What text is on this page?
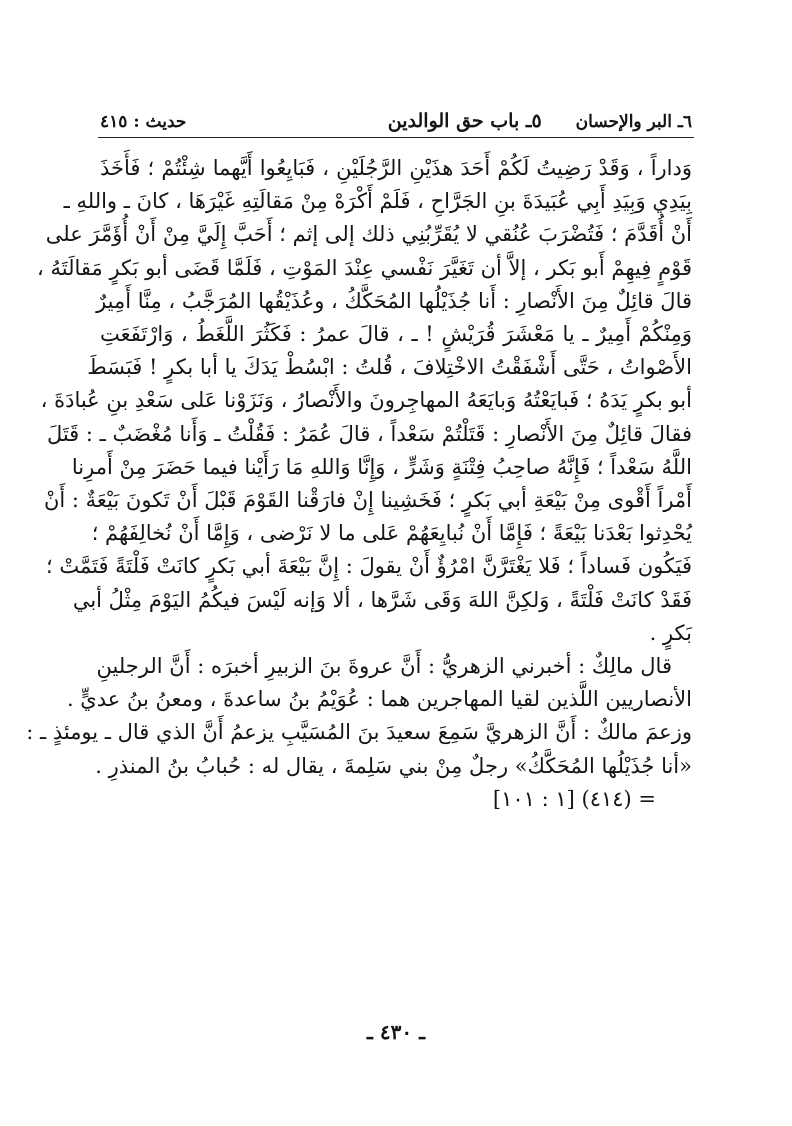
٦ـ البر والإحسان
٥ـ باب حق الوالدين
حديث : ٤١٥
وَداراً ، وَقَدْ رَضِيتُ لَكُمْ أَحَدَ هذَيْنِ الرَّجُلَيْنِ ، فَبَايِعُوا أَيَّهما شِئْتُمْ ؛ فَأَخَذَ
بِيَدِي وَبِيَدِ أَبِي عُبَيدَةَ بنِ الجَرَّاحِ ، فَلَمْ أَكْرَهْ مِنْ مَقالَتِهِ غَيْرَهَا ، كانَ ـ واللهِ ـ
أَنْ أُقَدَّمَ ؛ فَتُضْرَبَ عُنُقي لا يُقَرِّبُنِي ذلك إلى إثم ؛ أَحَبَّ إِلَيَّ مِنْ أَنْ أُؤَمَّرَ على
قَوْمٍ فِيهِمْ أَبو بَكر ، إلاَّ أن تَغَيَّرَ نَفْسي عِنْدَ المَوْتِ ، فَلَمَّا قَضَى أبو بَكرٍ مَقالَتَهُ ،
قالَ قائِلٌ مِنَ الأَنْصارِ : أَنا جُذَيْلُها المُحَكَّكُ ، وعُذَيْقُها المُرَجَّبُ ، مِنَّا أَمِيرٌ
وَمِنْكُمْ أَمِيرٌ ـ يا مَعْشَرَ قُرَيْشٍ ! ـ ، قالَ عمرُ : فَكَثُرَ اللَّغَطُ ، وَارْتَفَعَتِ
الأَصْواتُ ، حَتَّى أَشْفَقْتُ الاخْتِلافَ ، قُلتُ : ابْسُطْ يَدَكَ يا أبا بكرٍ ! فَبَسَطَ
أبو بكرٍ يَدَهُ ؛ فَبايَعْتُهُ وَبايَعَهُ المهاجِرونَ والأَنْصارُ ، وَنَزَوْنا عَلى سَعْدِ بنِ عُبادَةَ ،
فقالَ قائِلٌ مِنَ الأَنْصارِ : قَتَلْتُمْ سَعْداً ، قالَ عُمَرُ : فَقُلْتُ ـ وَأَنا مُغْضَبٌ ـ : قَتَلَ
اللَّهُ سَعْداً ؛ فَإِنَّهُ صاحِبُ فِتْنَةٍ وَشَرٍّ ، وَإِنَّا وَاللهِ مَا رَأَيْنا فيما حَضَرَ مِنْ أَمرِنا
أَمْراً أَقْوى مِنْ بَيْعَةِ أبي بَكرٍ ؛ فَخَشِينا إِنْ فارَقْنا القَوْمَ قَبْلَ أَنْ تَكونَ بَيْعَةٌ : أَنْ
يُحْدِثوا بَعْدَنا بَيْعَةً ؛ فَإِمَّا أَنْ نُبايِعَهُمْ عَلى ما لا نَرْضى ، وَإِمَّا أَنْ نُخالِفَهُمْ ؛
فَيَكُون فَساداً ؛ فَلا يَغْتَرَّنَّ امْرُؤٌ أَنْ يقولَ : إِنَّ بَيْعَةَ أبي بَكرٍ كانَتْ فَلْتَةً فَتَمَّتْ ؛
فَقَدْ كانَتْ فَلْتَةً ، وَلكِنَّ اللهَ وَقَى شَرَّها ، ألا وَإنه لَيْسَ فيكُمُ اليَوْمَ مِثْلُ أبي
بَكرٍ .
قال مالِكٌ : أخبرني الزهريُّ : أَنَّ عروةَ بنَ الزبيرِ أخبرَه : أَنَّ الرجلينِ
الأنصاريين اللَّذين لقيا المهاجرين هما : عُوَيْمُ بنُ ساعدةَ ، ومعنُ بنُ عديٍّ .
وزعمَ مالكٌ : أَنَّ الزهريَّ سَمِعَ سعيدَ بنَ المُسَيَّبِ يزعمُ أَنَّ الذي قال ـ يومئذٍ ـ :
«أنا جُذَيْلُها المُحَكَّكُ» رجلٌ مِنْ بني سَلِمةَ ، يقال له : حُبابُ بنُ المنذرِ .
= (٤١٤) [١ : ١٠١]
ـ ٤٣٠ ـ
